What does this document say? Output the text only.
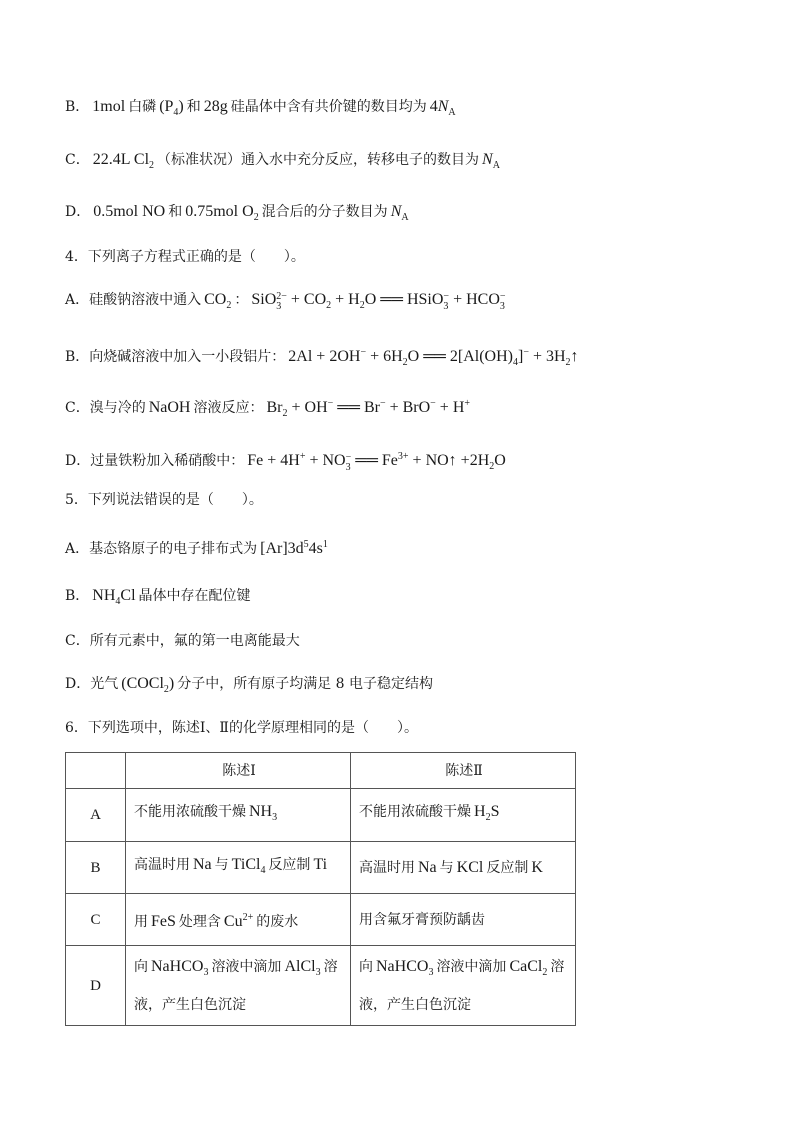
B． 1mol 白磷 $(P_4)$ 和 28g 硅晶体中含有共价键的数目均为 $4N_A$
C． 22.4L $Cl_2$ （标准状况）通入水中充分反应，转移电子的数目为 $N_A$
D． 0.5mol NO 和 0.75mol $O_2$ 混合后的分子数目为 $N_A$
4．下列离子方程式正确的是（　　）。
A．硅酸钠溶液中通入 $CO_2$ ： SiO 2−
$3 + CO_2 + H_2O$ ══ HSiO −
3 + HCO −
3
B．向烧碱溶液中加入一小段铝片： $2Al + 2OH^- + 6H_2O$ ══ $2[Al(OH)_4]^-$ + $3H_2↑$
C．溴与冷的 NaOH 溶液反应： $Br_2 + OH^-$ ══ Br− + BrO− + H+
D．过量铁粉加入稀硝酸中： Fe + 4H+ + NO −
3 ══ $Fe^{3+}$ + NO↑ $+2H_2O$
5．下列说法错误的是（　　）。
A．基态铬原子的电子排布式为 $[Ar]3d^54s^1$
B． $NH_4Cl$ 晶体中存在配位键
C．所有元素中，氟的第一电离能最大
D．光气 (COCl$_2$) 分子中，所有原子均满足 8 电子稳定结构
6．下列选项中，陈述Ⅰ、Ⅱ的化学原理相同的是（　　）。
	陈述Ⅰ	陈述Ⅱ
A	不能用浓硫酸干燥 $NH_3$	不能用浓硫酸干燥 $H_2S$
B	高温时用 Na 与 TiCl$_4$ 反应制 Ti	高温时用 Na 与 KCl 反应制 K
C	用 FeS 处理含 $Cu^{2+}$ 的废水	用含氟牙膏预防龋齿
D	向 NaHCO$_3$ 溶液中滴加 AlCl$_3$ 溶液，产生白色沉淀	向 NaHCO$_3$ 溶液中滴加 CaCl$_2$ 溶液，产生白色沉淀
